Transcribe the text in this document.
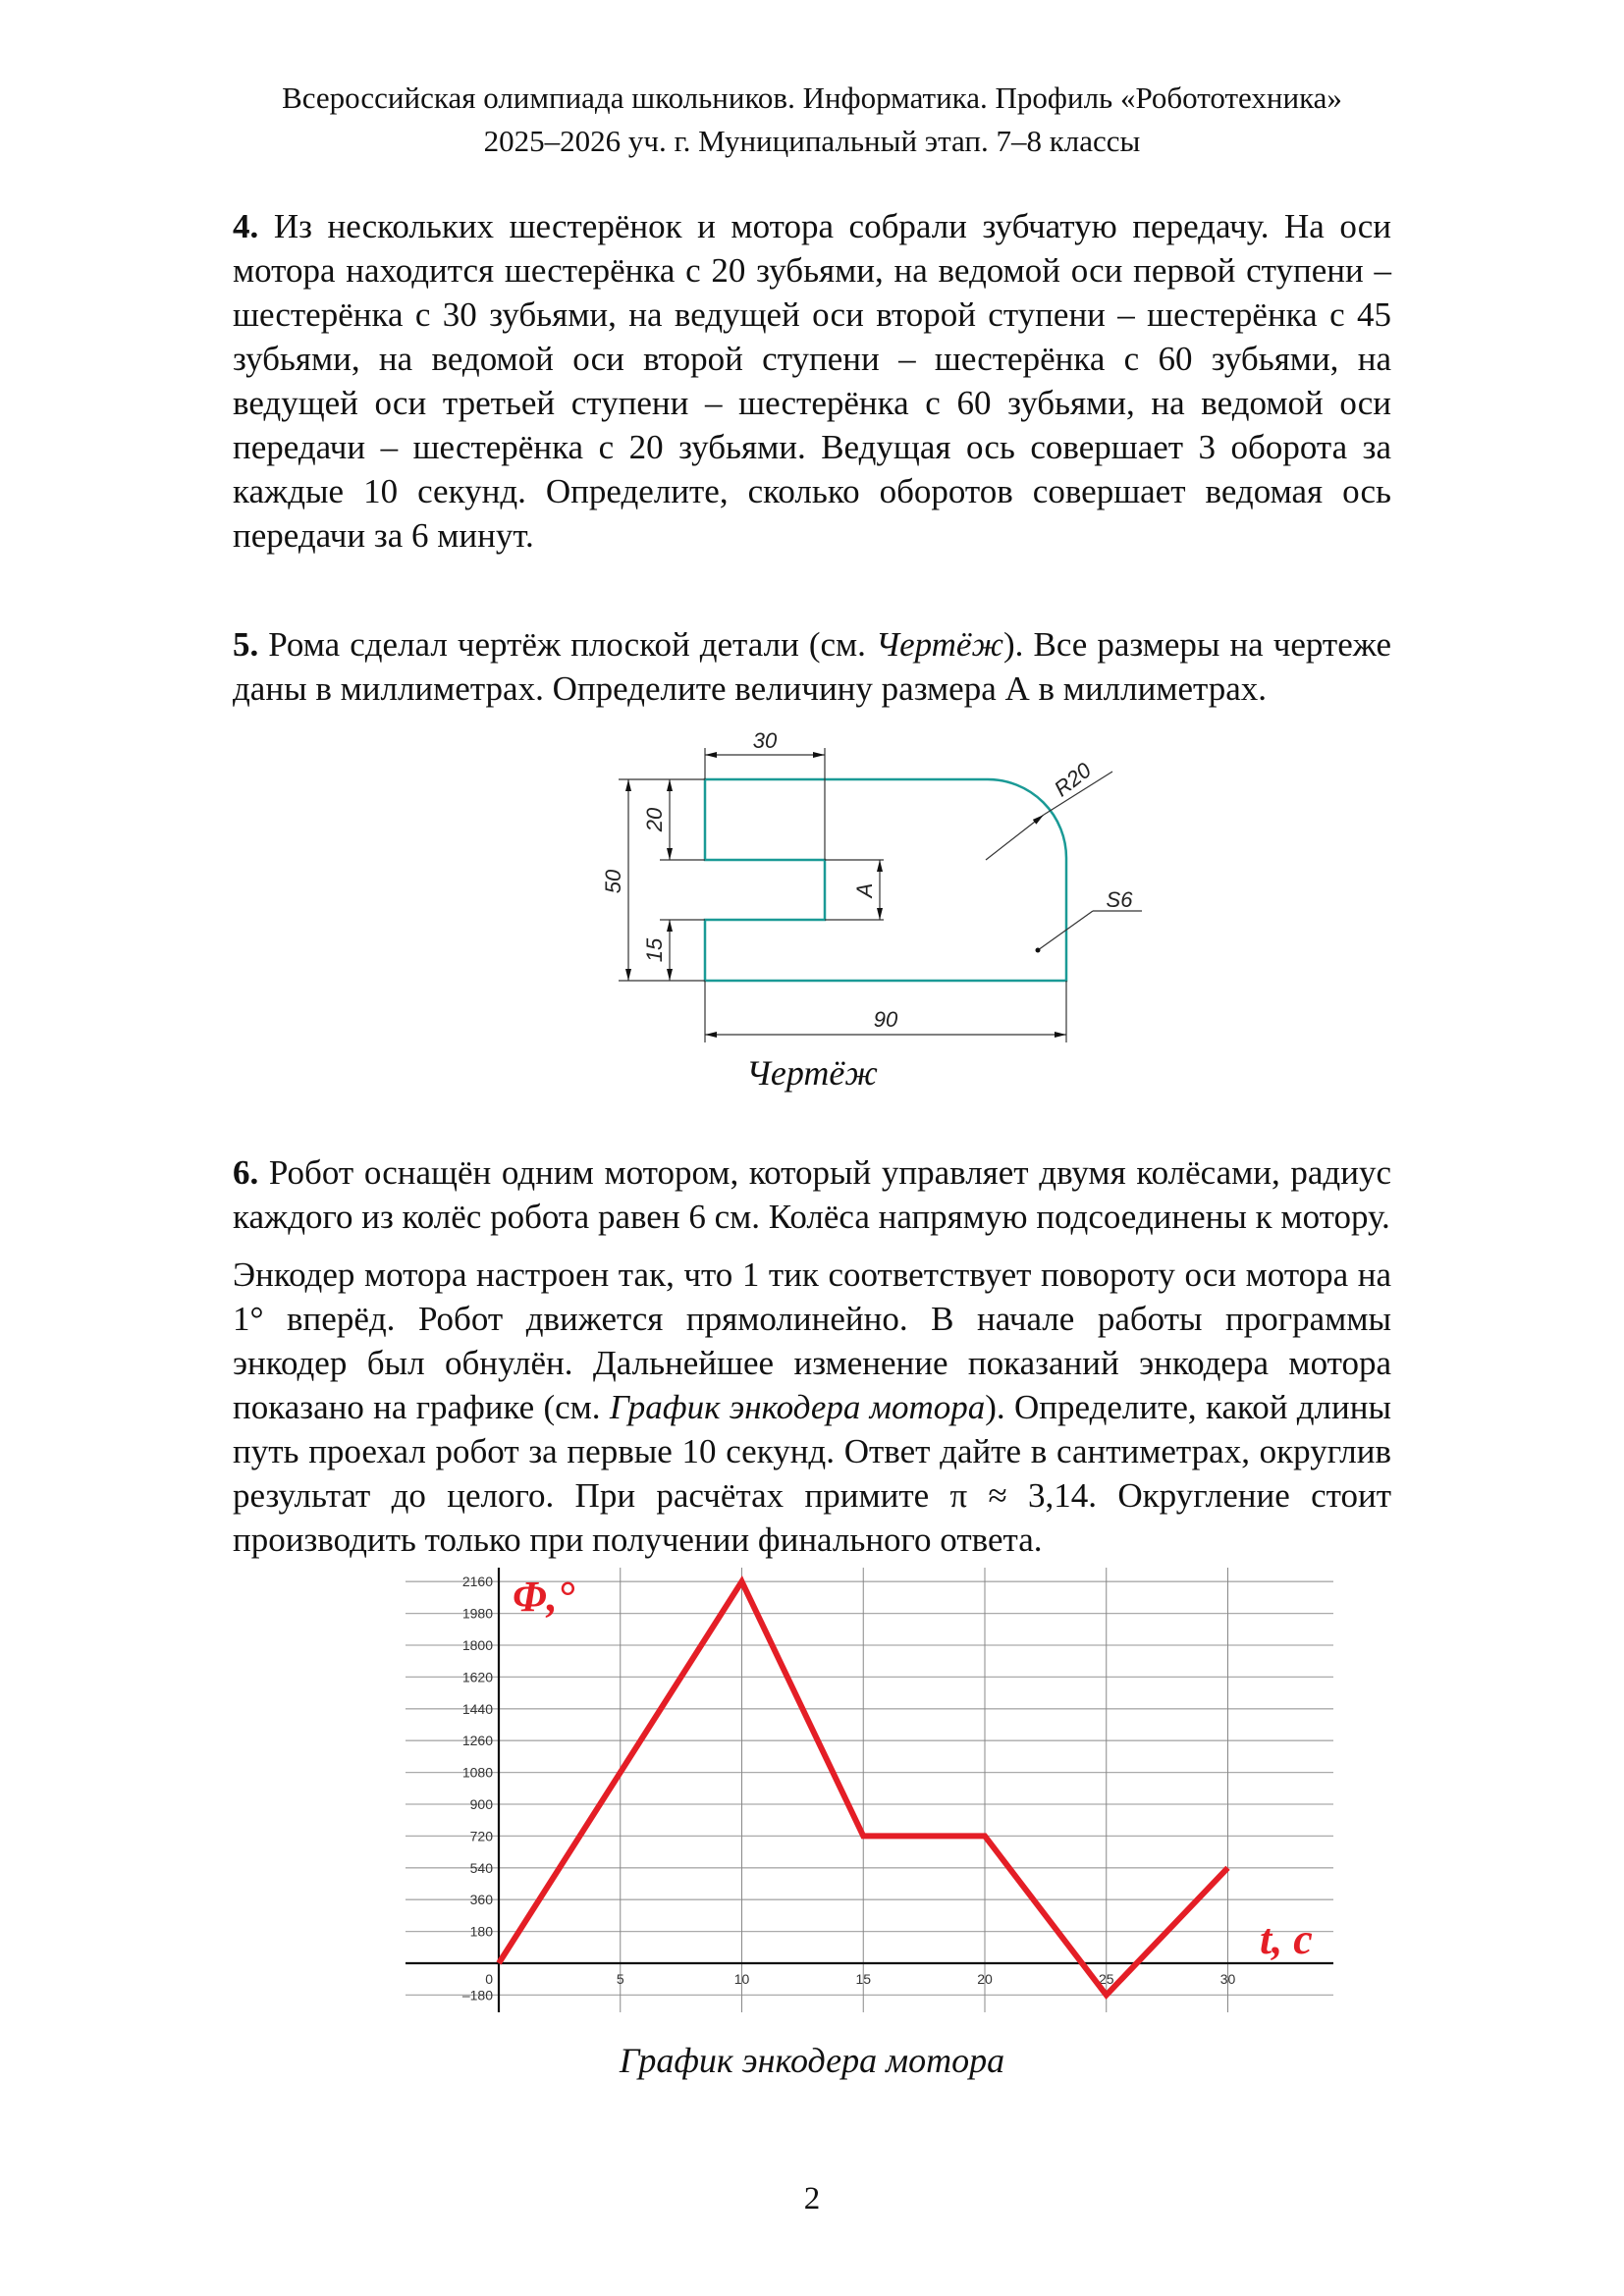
Всероссийская олимпиада школьников. Информатика. Профиль «Робототехника»
2025–2026 уч. г. Муниципальный этап. 7–8 классы

4. Из нескольких шестерёнок и мотора собрали зубчатую передачу. На оси мотора находится шестерёнка с 20 зубьями, на ведомой оси первой ступени – шестерёнка с 30 зубьями, на ведущей оси второй ступени – шестерёнка с 45 зубьями, на ведомой оси второй ступени – шестерёнка с 60 зубьями, на ведущей оси третьей ступени – шестерёнка с 60 зубьями, на ведомой оси передачи – шестерёнка с 20 зубьями. Ведущая ось совершает 3 оборота за каждые 10 секунд. Определите, сколько оборотов совершает ведомая ось передачи за 6 минут.

5. Рома сделал чертёж плоской детали (см. Чертёж). Все размеры на чертеже даны в миллиметрах. Определите величину размера А в миллиметрах.

30
50
20
15
A
90
R20
S6
Чертёж

6. Робот оснащён одним мотором, который управляет двумя колёсами, радиус каждого из колёс робота равен 6 см. Колёса напрямую подсоединены к мотору.

Энкодер мотора настроен так, что 1 тик соответствует повороту оси мотора на 1° вперёд. Робот движется прямолинейно. В начале работы программы энкодер был обнулён. Дальнейшее изменение показаний энкодера мотора показано на графике (см. График энкодера мотора). Определите, какой длины путь проехал робот за первые 10 секунд. Ответ дайте в сантиметрах, округлив результат до целого. При расчётах примите π ≈ 3,14. Округление стоит производить только при получении финального ответа.

–180
180
360
540
720
900
1080
1260
1440
1620
1800
1980
2160
0	5	10	15	20	25	30
Φ,°
t, c
График энкодера мотора
2
